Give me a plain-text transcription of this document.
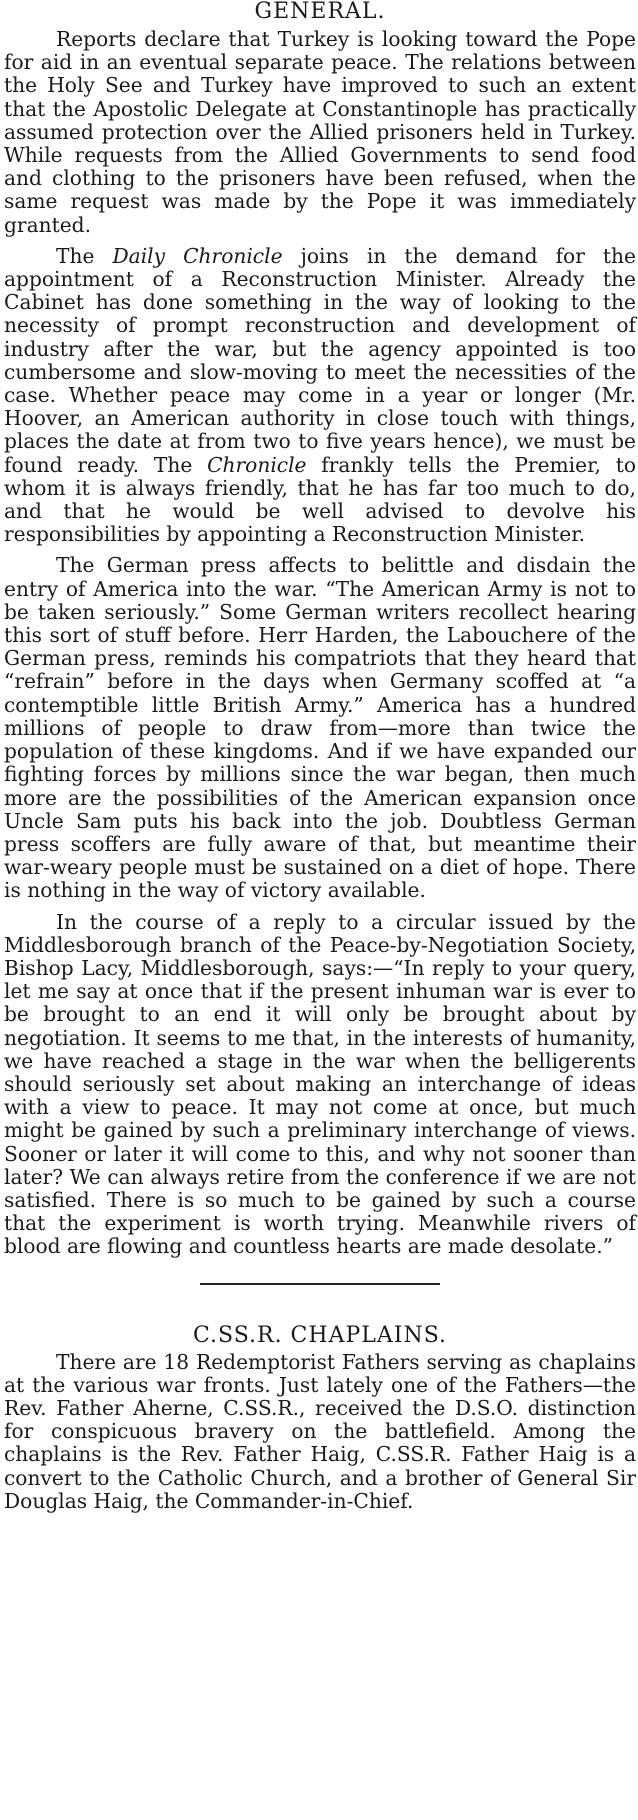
GENERAL.

Reports declare that Turkey is looking toward the Pope for aid in an eventual separate peace. The relations between the Holy See and Turkey have improved to such an extent that the Apostolic Delegate at Constantinople has practically assumed protection over the Allied prisoners held in Turkey. While requests from the Allied Governments to send food and clothing to the prisoners have been refused, when the same request was made by the Pope it was immediately granted.

The Daily Chronicle joins in the demand for the appointment of a Reconstruction Minister. Already the Cabinet has done something in the way of looking to the necessity of prompt reconstruction and development of industry after the war, but the agency appointed is too cumbersome and slow-moving to meet the necessities of the case. Whether peace may come in a year or longer (Mr. Hoover, an American authority in close touch with things, places the date at from two to five years hence), we must be found ready. The Chronicle frankly tells the Premier, to whom it is always friendly, that he has far too much to do, and that he would be well advised to devolve his responsibilities by appointing a Reconstruction Minister.

The German press affects to belittle and disdain the entry of America into the war. “The American Army is not to be taken seriously.” Some German writers recollect hearing this sort of stuff before. Herr Harden, the Labouchere of the German press, reminds his compatriots that they heard that “refrain” before in the days when Germany scoffed at “a contemptible little British Army.” America has a hundred millions of people to draw from—more than twice the population of these kingdoms. And if we have expanded our fighting forces by millions since the war began, then much more are the possibilities of the American expansion once Uncle Sam puts his back into the job. Doubtless German press scoffers are fully aware of that, but meantime their war-weary people must be sustained on a diet of hope. There is nothing in the way of victory available.

In the course of a reply to a circular issued by the Middlesborough branch of the Peace-by-Negotiation Society, Bishop Lacy, Middlesborough, says:—“In reply to your query, let me say at once that if the present inhuman war is ever to be brought to an end it will only be brought about by negotiation. It seems to me that, in the interests of humanity, we have reached a stage in the war when the belligerents should seriously set about making an interchange of ideas with a view to peace. It may not come at once, but much might be gained by such a preliminary interchange of views. Sooner or later it will come to this, and why not sooner than later? We can always retire from the conference if we are not satisfied. There is so much to be gained by such a course that the experiment is worth trying. Meanwhile rivers of blood are flowing and countless hearts are made desolate.”

C.SS.R. CHAPLAINS.

There are 18 Redemptorist Fathers serving as chaplains at the various war fronts. Just lately one of the Fathers—the Rev. Father Aherne, C.SS.R., received the D.S.O. distinction for conspicuous bravery on the battlefield. Among the chaplains is the Rev. Father Haig, C.SS.R. Father Haig is a convert to the Catholic Church, and a brother of General Sir Douglas Haig, the Commander-in-Chief.
